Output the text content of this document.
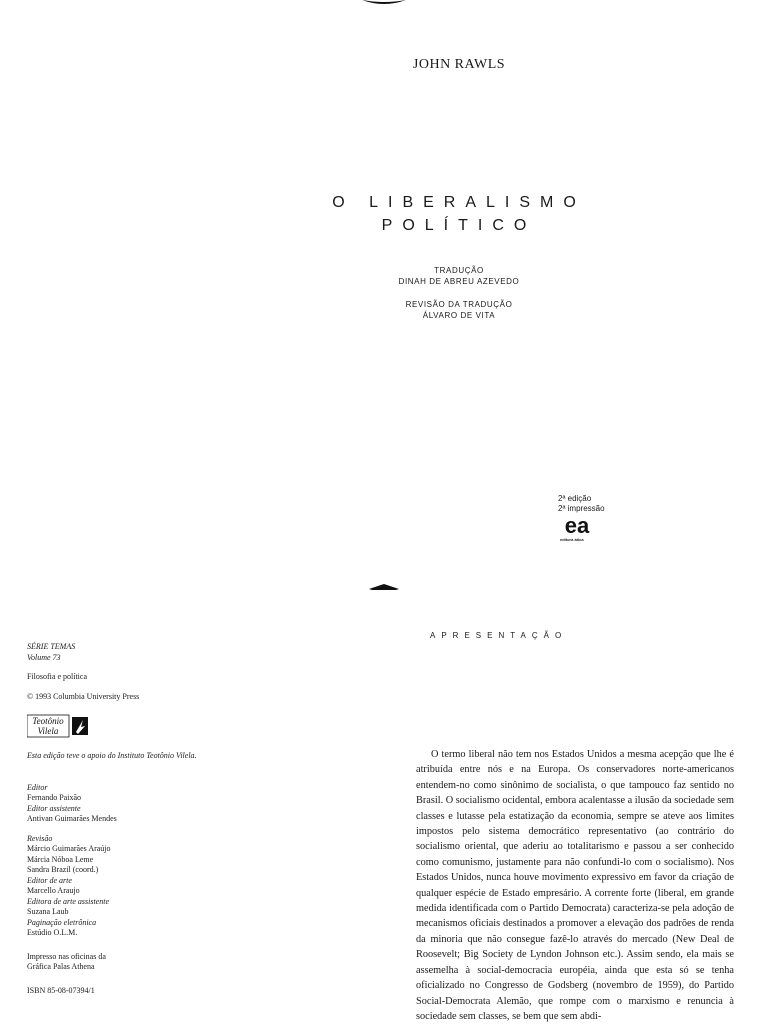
JOHN RAWLS
O LIBERALISMO
POLÍTICO
TRADUÇÃO
DINAH DE ABREU AZEVEDO
REVISÃO DA TRADUÇÃO
ÁLVARO DE VITA
2ª edição
2ª impressão
ea
editora ática
SÉRIE TEMAS
Volume 73
Filosofia e política
© 1993 Columbia University Press
Teotônio
Vilela
Esta edição teve o apoio do Instituto Teotônio Vilela.
Editor
Fernando Paixão
Editor assistente
Antivan Guimarães Mendes
Revisão
Márcio Guimarães Araújo
Márcia Nóboa Leme
Sandra Brazil (coord.)
Editor de arte
Marcello Araujo
Editora de arte assistente
Suzana Laub
Paginação eletrônica
Estúdio O.L.M.
Impresso nas oficinas da
Gráfica Palas Athena
ISBN 85-08-07394/1
APRESENTAÇÃO

O termo liberal não tem nos Estados Unidos a mesma acepção que lhe é atribuída entre nós e na Europa. Os conservadores norte-americanos entendem-no como sinônimo de socialista, o que tampouco faz sentido no Brasil. O socialismo ocidental, embora acalentasse a ilusão da sociedade sem classes e lutasse pela estatização da economia, sempre se ateve aos limites impostos pelo sistema democrático representativo (ao contrário do socialismo oriental, que aderiu ao totalitarismo e passou a ser conhecido como comunismo, justamente para não confundi-lo com o socialismo). Nos Estados Unidos, nunca houve movimento expressivo em favor da criação de qualquer espécie de Estado empresário. A corrente forte (liberal, em grande medida identificada com o Partido Democrata) caracteriza-se pela adoção de mecanismos oficiais destinados a promover a elevação dos padrões de renda da minoria que não consegue fazê-lo através do mercado (New Deal de Roosevelt; Big Society de Lyndon Johnson etc.). Assim sendo, ela mais se assemelha à social-democracia européia, ainda que esta só se tenha oficializado no Congresso de Godsberg (novembro de 1959), do Partido Social-Democrata Alemão, que rompe com o marxismo e renuncia à sociedade sem classes, se bem que sem abdi-
